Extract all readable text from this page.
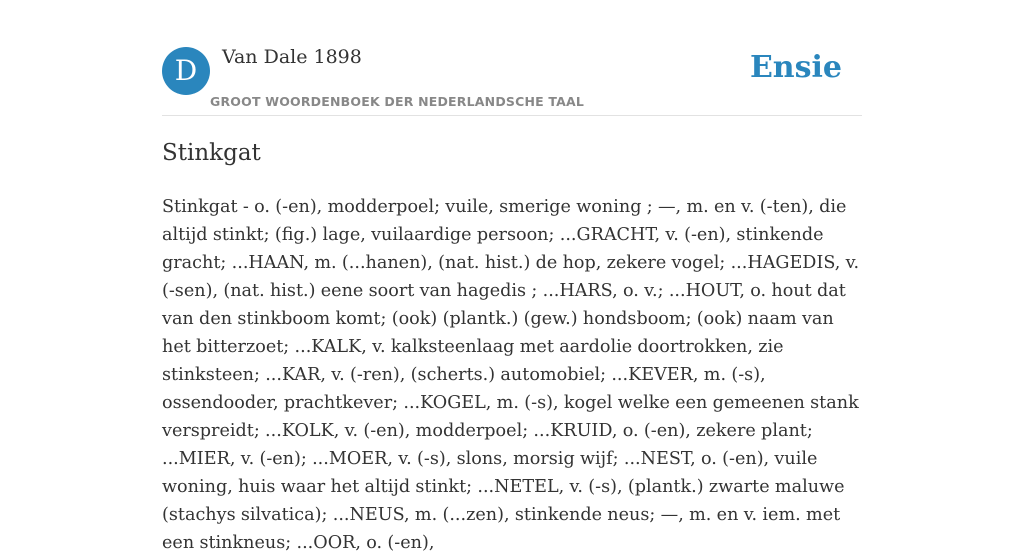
D	Van Dale 1898
GROOT WOORDENBOEK DER NEDERLANDSCHE TAAL
Ensie
Stinkgat

Stinkgat - o. (-en), modderpoel; vuile, smerige woning ; —, m. en v. (-ten), die altijd stinkt; (fig.) lage, vuilaardige persoon; ...GRACHT, v. (-en), stinkende gracht; ...HAAN, m. (...hanen), (nat. hist.) de hop, zekere vogel; ...HAGEDIS, v. (-sen), (nat. hist.) eene soort van hagedis ; ...HARS, o. v.; ...HOUT, o. hout dat van den stinkboom komt; (ook) (plantk.) (gew.) hondsboom; (ook) naam van het bitterzoet; ...KALK, v. kalksteenlaag met aardolie doortrokken, zie stinksteen; ...KAR, v. (-ren), (scherts.) automobiel; ...KEVER, m. (-s), ossendooder, prachtkever; ...KOGEL, m. (-s), kogel welke een gemeenen stank verspreidt; ...KOLK, v. (-en), modderpoel; ...KRUID, o. (-en), zekere plant; ...MIER, v. (-en); ...MOER, v. (-s), slons, morsig wijf; ...NEST, o. (-en), vuile woning, huis waar het altijd stinkt; ...NETEL, v. (-s), (plantk.) zwarte maluwe (stachys silvatica); ...NEUS, m. (...zen), stinkende neus; —, m. en v. iem. met een stinkneus; ...OOR, o. (-en),
